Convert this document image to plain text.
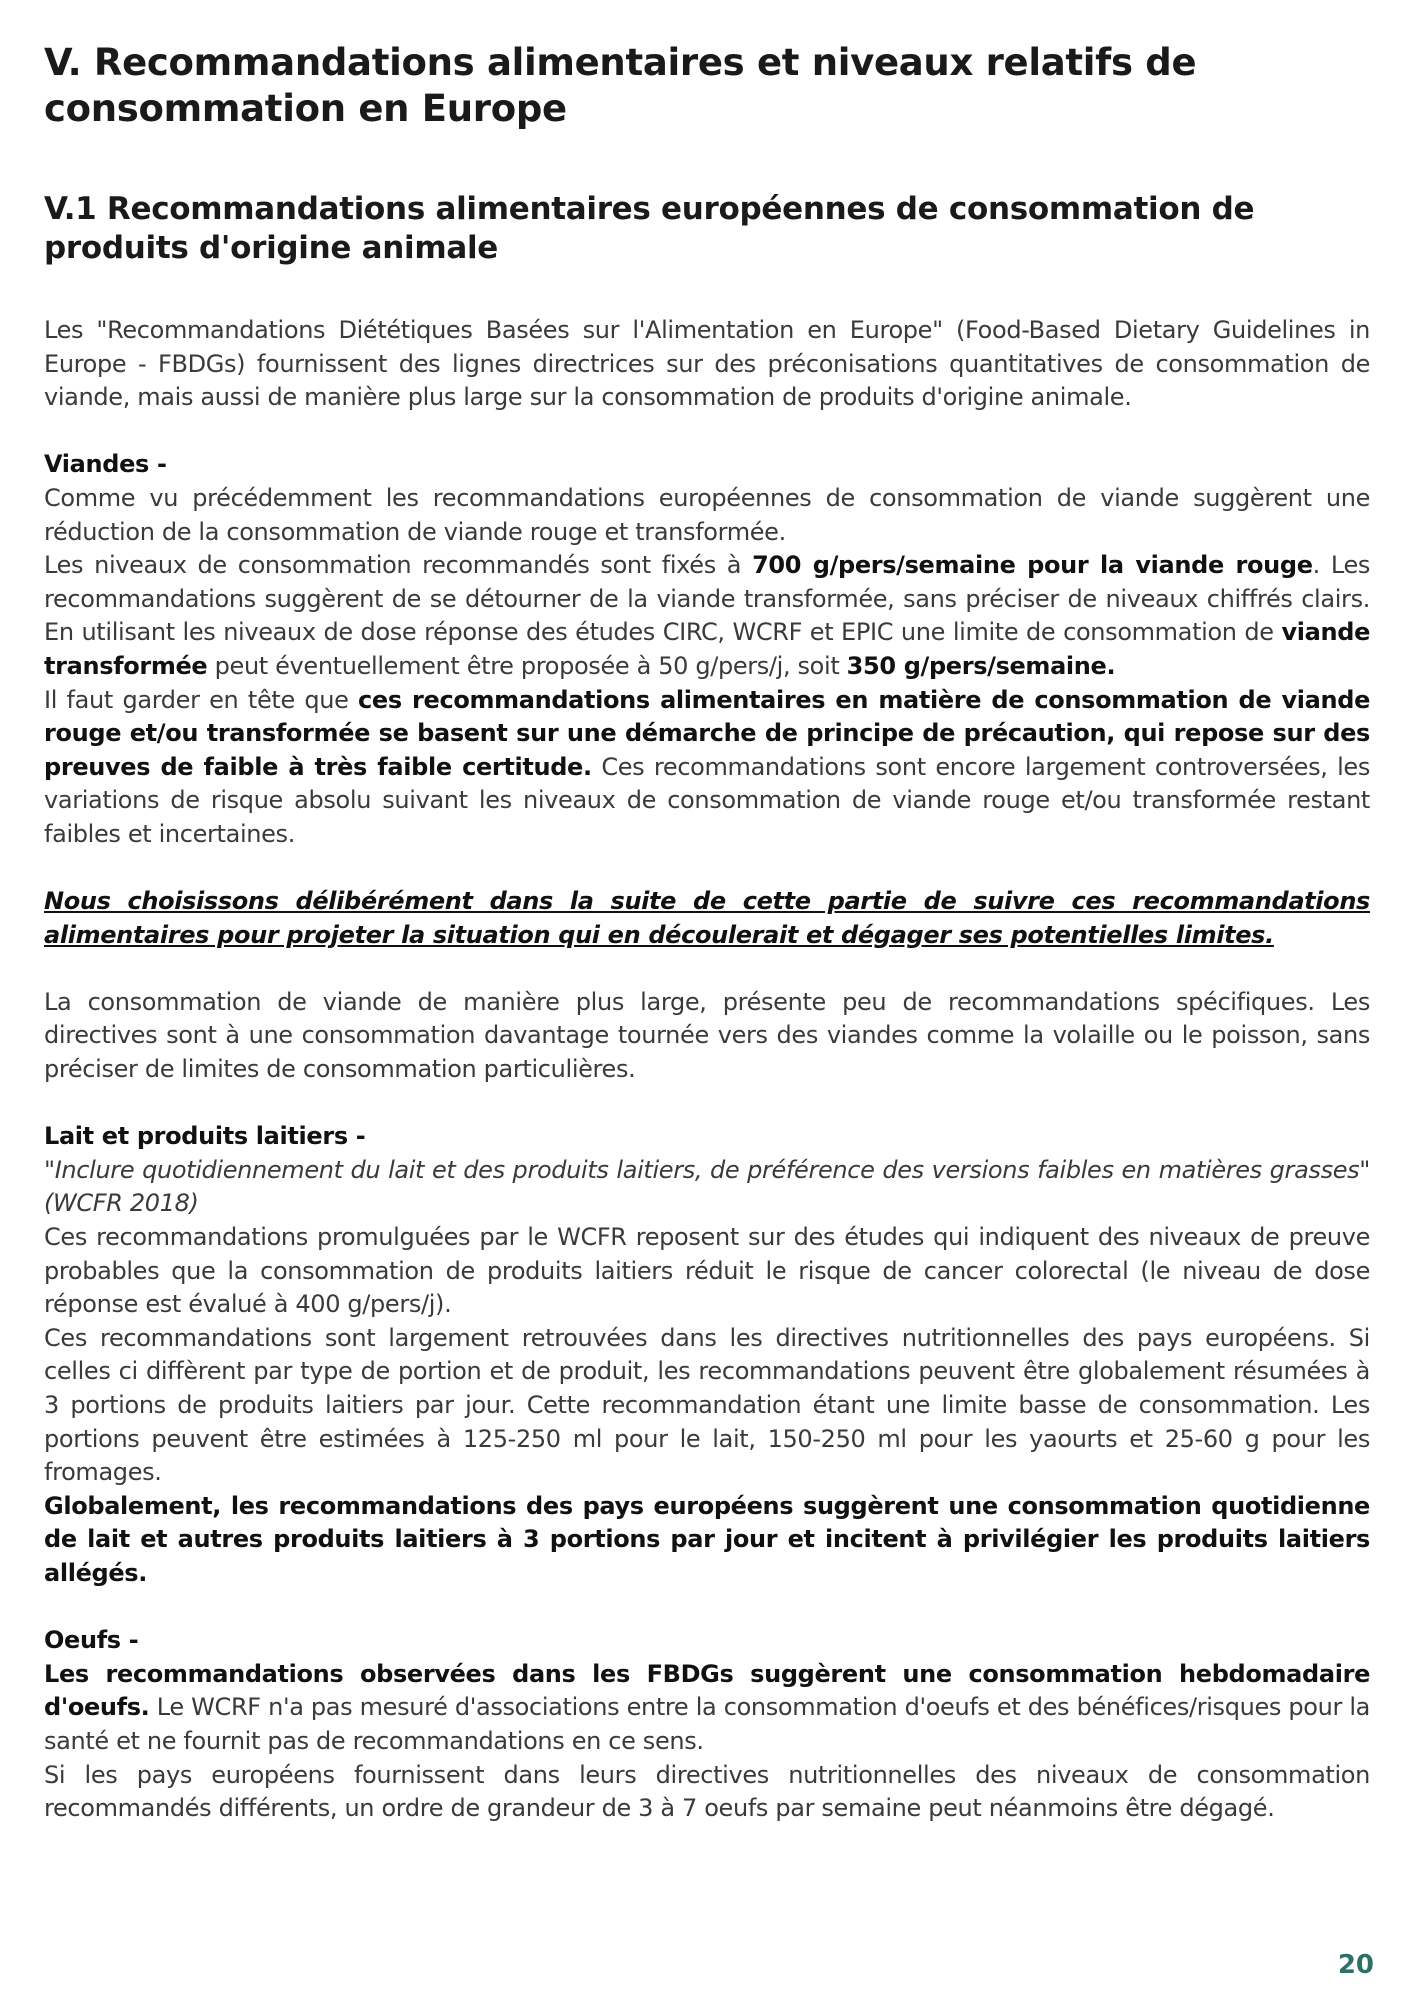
V. Recommandations alimentaires et niveaux relatifs de consommation en Europe
V.1 Recommandations alimentaires européennes de consommation de produits d'origine animale

Les "Recommandations Diététiques Basées sur l'Alimentation en Europe" (Food-Based Dietary Guidelines in Europe - FBDGs) fournissent des lignes directrices sur des préconisations quantitatives de consommation de viande, mais aussi de manière plus large sur la consommation de produits d'origine animale.

Viandes -

Comme vu précédemment les recommandations européennes de consommation de viande suggèrent une réduction de la consommation de viande rouge et transformée.

Les niveaux de consommation recommandés sont fixés à 700 g/pers/semaine pour la viande rouge. Les recommandations suggèrent de se détourner de la viande transformée, sans préciser de niveaux chiffrés clairs. En utilisant les niveaux de dose réponse des études CIRC, WCRF et EPIC une limite de consommation de viande transformée peut éventuellement être proposée à 50 g/pers/j, soit 350 g/pers/semaine.

Il faut garder en tête que ces recommandations alimentaires en matière de consommation de viande rouge et/ou transformée se basent sur une démarche de principe de précaution, qui repose sur des preuves de faible à très faible certitude. Ces recommandations sont encore largement controversées, les variations de risque absolu suivant les niveaux de consommation de viande rouge et/ou transformée restant faibles et incertaines.

Nous choisissons délibérément dans la suite de cette partie de suivre ces recommandations alimentaires pour projeter la situation qui en découlerait et dégager ses potentielles limites.

La consommation de viande de manière plus large, présente peu de recommandations spécifiques. Les directives sont à une consommation davantage tournée vers des viandes comme la volaille ou le poisson, sans préciser de limites de consommation particulières.

Lait et produits laitiers -

"Inclure quotidiennement du lait et des produits laitiers, de préférence des versions faibles en matières grasses" (WCFR 2018)

Ces recommandations promulguées par le WCFR reposent sur des études qui indiquent des niveaux de preuve probables que la consommation de produits laitiers réduit le risque de cancer colorectal (le niveau de dose réponse est évalué à 400 g/pers/j).

Ces recommandations sont largement retrouvées dans les directives nutritionnelles des pays européens. Si celles ci diffèrent par type de portion et de produit, les recommandations peuvent être globalement résumées à 3 portions de produits laitiers par jour. Cette recommandation étant une limite basse de consommation. Les portions peuvent être estimées à 125-250 ml pour le lait, 150-250 ml pour les yaourts et 25-60 g pour les fromages.

Globalement, les recommandations des pays européens suggèrent une consommation quotidienne de lait et autres produits laitiers à 3 portions par jour et incitent à privilégier les produits laitiers allégés.

Oeufs -

Les recommandations observées dans les FBDGs suggèrent une consommation hebdomadaire d'oeufs. Le WCRF n'a pas mesuré d'associations entre la consommation d'oeufs et des bénéfices/risques pour la santé et ne fournit pas de recommandations en ce sens.

Si les pays européens fournissent dans leurs directives nutritionnelles des niveaux de consommation recommandés différents, un ordre de grandeur de 3 à 7 oeufs par semaine peut néanmoins être dégagé.

20
